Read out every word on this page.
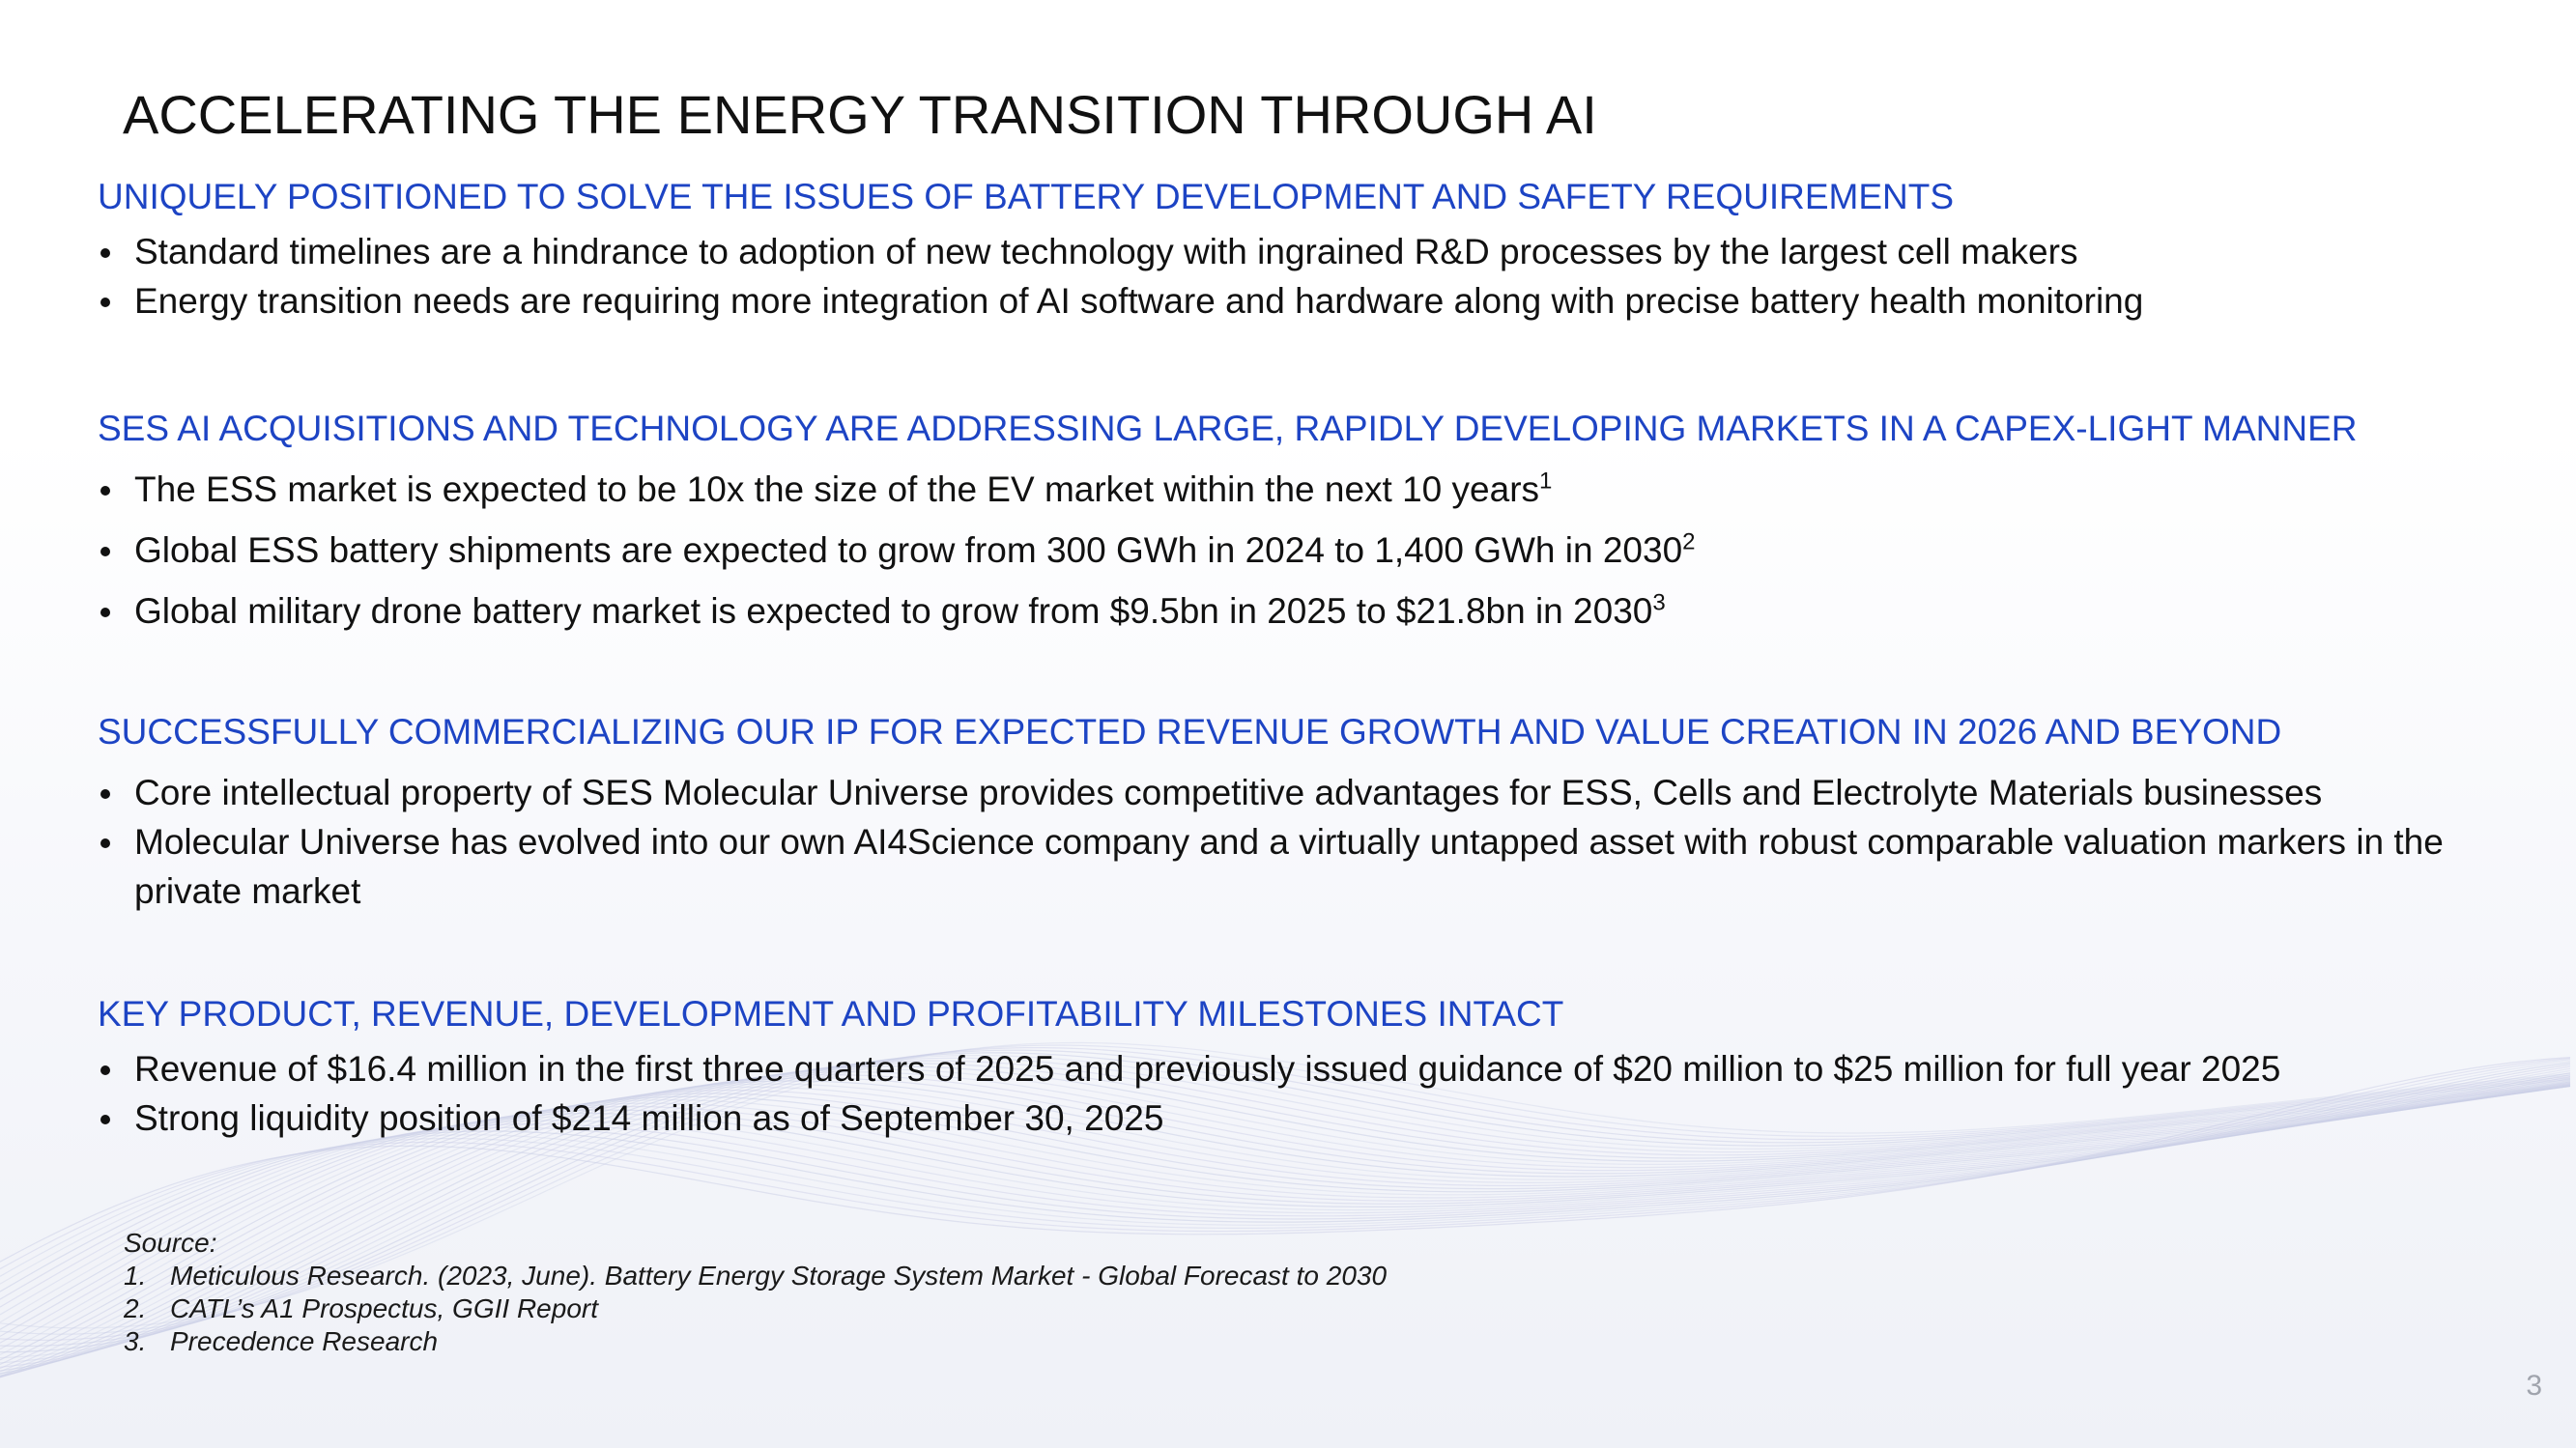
ACCELERATING THE ENERGY TRANSITION THROUGH AI
UNIQUELY POSITIONED TO SOLVE THE ISSUES OF BATTERY DEVELOPMENT AND SAFETY REQUIREMENTS
Standard timelines are a hindrance to adoption of new technology with ingrained R&D processes by the largest cell makers
Energy transition needs are requiring more integration of AI software and hardware along with precise battery health monitoring
SES AI ACQUISITIONS AND TECHNOLOGY ARE ADDRESSING LARGE, RAPIDLY DEVELOPING MARKETS IN A CAPEX-LIGHT MANNER
The ESS market is expected to be 10x the size of the EV market within the next 10 years$^1$
Global ESS battery shipments are expected to grow from 300 GWh in 2024 to 1,400 GWh in 2030$^2$
Global military drone battery market is expected to grow from $9.5bn in 2025 to $21.8bn in 2030$^3$
SUCCESSFULLY COMMERCIALIZING OUR IP FOR EXPECTED REVENUE GROWTH AND VALUE CREATION IN 2026 AND BEYOND
Core intellectual property of SES Molecular Universe provides competitive advantages for ESS, Cells and Electrolyte Materials businesses
Molecular Universe has evolved into our own AI4Science company and a virtually untapped asset with robust comparable valuation markers in the private market
KEY PRODUCT, REVENUE, DEVELOPMENT AND PROFITABILITY MILESTONES INTACT
Revenue of $16.4 million in the first three quarters of 2025 and previously issued guidance of $20 million to $25 million for full year 2025
Strong liquidity position of $214 million as of September 30, 2025
Source:
1. Meticulous Research. (2023, June). Battery Energy Storage System Market - Global Forecast to 2030
2. CATL’s A1 Prospectus, GGII Report
3. Precedence Research
3
